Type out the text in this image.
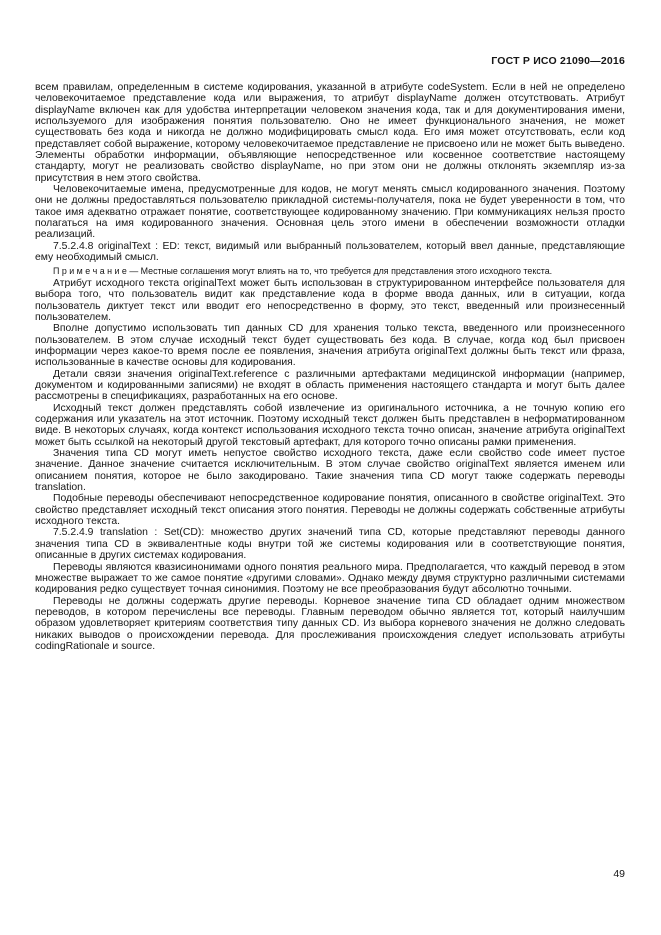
ГОСТ Р ИСО 21090—2016

всем правилам, определенным в системе кодирования, указанной в атрибуте codeSystem. Если в ней не определено человекочитаемое представление кода или выражения, то атрибут displayName должен отсутствовать. Атрибут displayName включен как для удобства интерпретации человеком значения кода, так и для документирования имени, используемого для изображения понятия пользователю. Оно не имеет функционального значения, не может существовать без кода и никогда не должно модифицировать смысл кода. Его имя может отсутствовать, если код представляет собой выражение, которому человекочитаемое представление не присвоено или не может быть выведено. Элементы обработки информации, объявляющие непосредственное или косвенное соответствие настоящему стандарту, могут не реализовать свойство displayName, но при этом они не должны отклонять экземпляр из-за присутствия в нем этого свойства.

Человекочитаемые имена, предусмотренные для кодов, не могут менять смысл кодированного значения. Поэтому они не должны предоставляться пользователю прикладной системы-получателя, пока не будет уверенности в том, что такое имя адекватно отражает понятие, соответствующее кодированному значению. При коммуникациях нельзя просто полагаться на имя кодированного значения. Основная цель этого имени в обеспечении возможности отладки реализаций.

7.5.2.4.8 originalText : ED: текст, видимый или выбранный пользователем, который ввел данные, представляющие ему необходимый смысл.

П р и м е ч а н и е — Местные соглашения могут влиять на то, что требуется для представления этого исходного текста.

Атрибут исходного текста originalText может быть использован в структурированном интерфейсе пользователя для выбора того, что пользователь видит как представление кода в форме ввода данных, или в ситуации, когда пользователь диктует текст или вводит его непосредственно в форму, это текст, введенный или произнесенный пользователем.

Вполне допустимо использовать тип данных CD для хранения только текста, введенного или произнесенного пользователем. В этом случае исходный текст будет существовать без кода. В случае, когда код был присвоен информации через какое-то время после ее появления, значения атрибута originalText должны быть текст или фраза, использованные в качестве основы для кодирования.

Детали связи значения originalText.reference с различными артефактами медицинской информации (например, документом и кодированными записями) не входят в область применения настоящего стандарта и могут быть далее рассмотрены в спецификациях, разработанных на его основе.

Исходный текст должен представлять собой извлечение из оригинального источника, а не точную копию его содержания или указатель на этот источник. Поэтому исходный текст должен быть представлен в неформатированном виде. В некоторых случаях, когда контекст использования исходного текста точно описан, значение атрибута originalText может быть ссылкой на некоторый другой текстовый артефакт, для которого точно описаны рамки применения.

Значения типа CD могут иметь непустое свойство исходного текста, даже если свойство code имеет пустое значение. Данное значение считается исключительным. В этом случае свойство originalText является именем или описанием понятия, которое не было закодировано. Такие значения типа CD могут также содержать переводы translation.

Подобные переводы обеспечивают непосредственное кодирование понятия, описанного в свойстве originalText. Это свойство представляет исходный текст описания этого понятия. Переводы не должны содержать собственные атрибуты исходного текста.

7.5.2.4.9 translation : Set(CD): множество других значений типа CD, которые представляют переводы данного значения типа CD в эквивалентные коды внутри той же системы кодирования или в соответствующие понятия, описанные в других системах кодирования.

Переводы являются квазисинонимами одного понятия реального мира. Предполагается, что каждый перевод в этом множестве выражает то же самое понятие «другими словами». Однако между двумя структурно различными системами кодирования редко существует точная синонимия. Поэтому не все преобразования будут абсолютно точными.

Переводы не должны содержать другие переводы. Корневое значение типа CD обладает одним множеством переводов, в котором перечислены все переводы. Главным переводом обычно является тот, который наилучшим образом удовлетворяет критериям соответствия типу данных CD. Из выбора корневого значения не должно следовать никаких выводов о происхождении перевода. Для прослеживания происхождения следует использовать атрибуты codingRationale и source.

49
